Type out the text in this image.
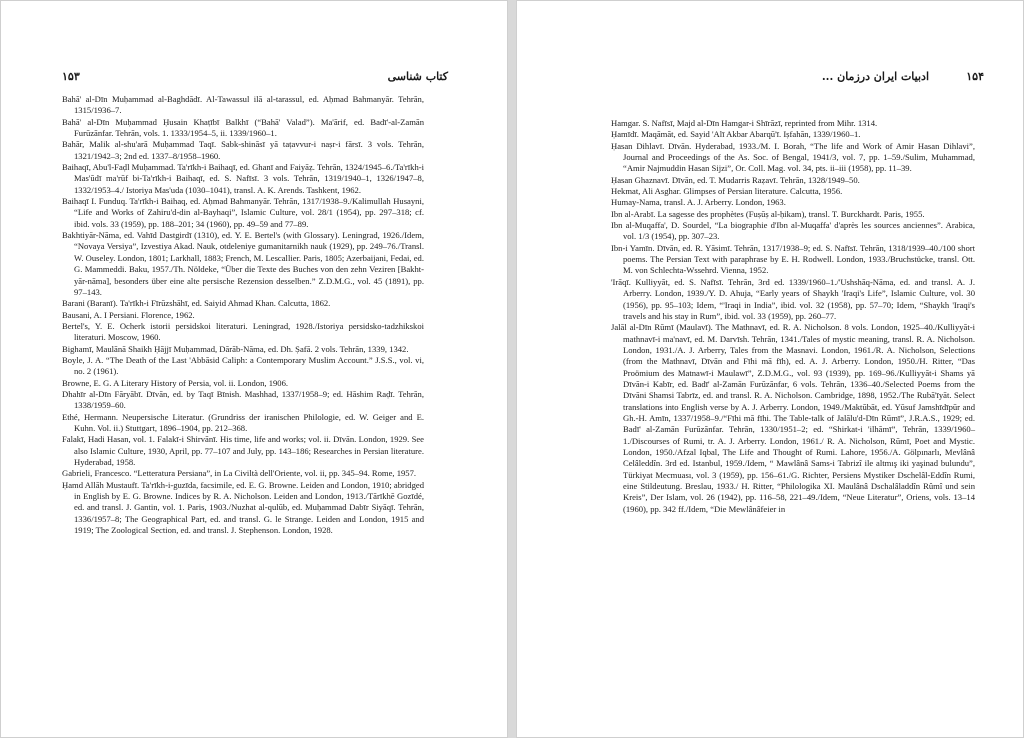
۱۵۳	کتاب شناسی

Bahā' al-Dīn Muḥammad al-Baghdādī. Al-Tawassul ilā al-tarassul, ed. Aḥmad Bahmanyār. Tehrān, 1315/1936–7.

Bahā' al-Dīn Muḥammad Ḥusain Khaṭībī Balkhī (“Bahā' Valad”). Ma'ārif, ed. Badī'-al-Zamān Furūzānfar. Tehrān, vols. 1. 1333/1954–5, ii. 1339/1960–1.

Bahār, Malik al-shu'arā Muḥammad Taqī. Sabk-shināsī yā taṭavvur-i naṣr-i fārsī. 3 vols. Tehrān, 1321/1942–3; 2nd ed. 1337–8/1958–1960.

Baihaqī, Abu'l-Faḍl Muḥammad. Ta'rīkh-i Baihaqī, ed. Ghanī and Faiyāẓ. Tehrān, 1324/1945–6./Ta'rīkh-i Mas'ūdī ma'rūf bi-Ta'rīkh-i Baihaqī, ed. S. Nafīsī. 3 vols. Tehrān, 1319/1940–1, 1326/1947–8, 1332/1953–4./ Istoriya Mas'uda (1030–1041), transl. A. K. Arends. Tashkent, 1962.

Baihaqī I. Funduq. Ta'rīkh-i Baihaq, ed. Aḥmad Bahmanyār. Tehrān, 1317/1938–9./Kalimullah Husayni, “Life and Works of Zahiru'd-din al-Bayhaqi”, Islamic Culture, vol. 28/1 (1954), pp. 297–318; cf. ibid. vols. 33 (1959), pp. 188–201; 34 (1960), pp. 49–59 and 77–89.

Bakhtiyār-Nāma, ed. Vahīd Dastgirdī (1310), ed. Y. E. Bertel's (with Glossary). Leningrad, 1926./Idem, “Novaya Versiya”, Izvestiya Akad. Nauk, otdeleniye gumanitarnikh nauk (1929), pp. 249–76./Transl. W. Ouseley. London, 1801; Larkhall, 1883; French, M. Lescallier. Paris, 1805; Azerbaijani, Fedai, ed. G. Mammeddi. Baku, 1957./Th. Nöldeke, “Über die Texte des Buches von den zehn Veziren [Bakht-yār-nāma], besonders über eine alte persische Rezension desselben.” Z.D.M.G., vol. 45 (1891), pp. 97–143.

Barani (Baranī). Ta'rīkh-i Fīrūzshāhī, ed. Saiyid Ahmad Khan. Calcutta, 1862.

Bausani, A. I Persiani. Florence, 1962.

Bertel's, Y. E. Ocherk istorii persidskoi literaturi. Leningrad, 1928./Istoriya persidsko-tadzhikskoi literaturi. Moscow, 1960.

Bighamī, Maulānā Shaikh Ḥājjī Muḥammad, Dārāb-Nāma, ed. Dh. Ṣafā. 2 vols. Tehrān, 1339, 1342.

Boyle, J. A. “The Death of the Last 'Abbāsid Caliph: a Contemporary Muslim Account.” J.S.S., vol. vi, no. 2 (1961).

Browne, E. G. A Literary History of Persia, vol. ii. London, 1906.

Dhahīr al-Dīn Fāryābī. Dīvān, ed. by Taqī Bīnish. Mashhad, 1337/1958–9; ed. Hāshim Raḍī. Tehrān, 1338/1959–60.

Ethé, Hermann. Neupersische Literatur. (Grundriss der iranischen Philologie, ed. W. Geiger and E. Kuhn. Vol. ii.) Stuttgart, 1896–1904, pp. 212–368.

Falakī, Hadi Hasan, vol. 1. Falakī-i Shirvānī. His time, life and works; vol. ii. Dīvān. London, 1929. See also Islamic Culture, 1930, April, pp. 77–107 and July, pp. 143–186; Researches in Persian literature. Hyderabad, 1958.

Gabrieli, Francesco. “Letteratura Persiana”, in La Civiltà dell'Oriente, vol. ii, pp. 345–94. Rome, 1957.

Ḥamd Allāh Mustaufī. Ta'rīkh-i-guzīda, facsimile, ed. E. G. Browne. Leiden and London, 1910; abridged in English by E. G. Browne. Indices by R. A. Nicholson. Leiden and London, 1913./Tārīkhē Gozīdé, ed. and transl. J. Gantin, vol. 1. Paris, 1903./Nuzhat al-qulūb, ed. Muḥammad Dabīr Siyāqī. Tehrān, 1336/1957–8; The Geographical Part, ed. and transl. G. le Strange. Leiden and London, 1915 and 1919; The Zoological Section, ed. and transl. J. Stephenson. London, 1928.

۱۵۴
ادبیات ایران درزمان ...

Hamgar. S. Nafīsī, Majd al-Dīn Hamgar-i Shīrāzī, reprinted from Mihr. 1314.

Ḥamīdī. Maqāmāt, ed. Sayid 'Alī Akbar Abarqū'ī. Iṣfahān, 1339/1960–1.

Ḥasan Dihlavī. Dīvān. Hyderabad, 1933./M. I. Borah, “The life and Work of Amir Hasan Dihlavi”, Journal and Proceedings of the As. Soc. of Bengal, 1941/3, vol. 7, pp. 1–59./Sulim, Muhammad, “Amir Najmuddin Hasan Sijzi”, Or. Coll. Mag. vol. 34, pts. ii–iii (1958), pp. 11–39.

Ḥasan Ghaznavī. Dīvān, ed. T. Mudarris Raẓavī. Tehrān, 1328/1949–50.

Hekmat, Ali Asghar. Glimpses of Persian literature. Calcutta, 1956.

Humay-Nama, transl. A. J. Arberry. London, 1963.

Ibn al-Arabī. La sagesse des prophètes (Fuṣūṣ al-ḥikam), transl. T. Burckhardt. Paris, 1955.

Ibn al-Muqaffa', D. Sourdel, “La biographie d'Ibn al-Muqaffa' d'après les sources anciennes”. Arabica, vol. 1/3 (1954), pp. 307–23.

Ibn-i Yamīn. Dīvān, ed. R. Yāsimī. Tehrān, 1317/1938–9; ed. S. Nafīsī. Tehrān, 1318/1939–40./100 short poems. The Persian Text with paraphrase by E. H. Rodwell. London, 1933./Bruchstücke, transl. Ott. M. von Schlechta-Wssehrd. Vienna, 1952.

'Irāqī. Kulliyyāt, ed. S. Nafīsī. Tehrān, 3rd ed. 1339/1960–1./'Ushshāq-Nāma, ed. and transl. A. J. Arberry. London, 1939./Y. D. Ahuja, “Early years of Shaykh 'Iraqi's Life”, Islamic Culture, vol. 30 (1956), pp. 95–103; Idem, “'Iraqi in India”, ibid. vol. 32 (1958), pp. 57–70; Idem, “Shaykh 'Iraqi's travels and his stay in Rum”, ibid. vol. 33 (1959), pp. 260–77.

Jalāl al-Dīn Rūmī (Maulavī). The Mathnavī, ed. R. A. Nicholson. 8 vols. London, 1925–40./Kulliyyāt-i mathnavī-i ma'navī, ed. M. Darvīsh. Tehrān, 1341./Tales of mystic meaning, transl. R. A. Nicholson. London, 1931./A. J. Arberry, Tales from the Masnavi. London, 1961./R. A. Nicholson, Selections (from the Mathnavī, Dīvān and Fīhi mā fīh), ed. A. J. Arberry. London, 1950./H. Ritter, “Das Proömium des Matnawī-i Maulawī”, Z.D.M.G., vol. 93 (1939), pp. 169–96./Kulliyyāt-i Shams yā Dīvān-i Kabīr, ed. Badī' al-Zamān Furūzānfar, 6 vols. Tehrān, 1336–40./Selected Poems from the Dīvāni Shamsi Tabrīz, ed. and transl. R. A. Nicholson. Cambridge, 1898, 1952./The Rubā'īyāt. Select translations into English verse by A. J. Arberry. London, 1949./Maktūbāt, ed. Yūsuf Jamshīdīpūr and Gh.-H. Amīn, 1337/1958–9./“Fīhi mā fīhi. The Table-talk of Jalālu'd-Dīn Rūmī”, J.R.A.S., 1929; ed. Badī' al-Zamān Furūzānfar. Tehrān, 1330/1951–2; ed. “Shirkat-i 'ilhāmī”, Tehrān, 1339/1960–1./Discourses of Rumi, tr. A. J. Arberry. London, 1961./ R. A. Nicholson, Rūmī, Poet and Mystic. London, 1950./Afzal Iqbal, The Life and Thought of Rumi. Lahore, 1956./A. Gölpınarlı, Mevlânâ Celâleddîn. 3rd ed. Istanbul, 1959./Idem, “ Mawlânâ Sams-i Tabrizî ile altmış iki yaşinad bulundu”, Türkiyat Mecmuası, vol. 3 (1959), pp. 156–61./G. Richter, Persiens Mystiker Dschelâl-Eddîn Rumi, eine Stildeutung. Breslau, 1933./ H. Ritter, “Philologika XI. Maulânâ Dschalâladdîn Rûmî und sein Kreis”, Der Islam, vol. 26 (1942), pp. 116–58, 221–49./Idem, “Neue Literatur”, Oriens, vols. 13–14 (1960), pp. 342 ff./Idem, “Die Mewlânâfeier in
